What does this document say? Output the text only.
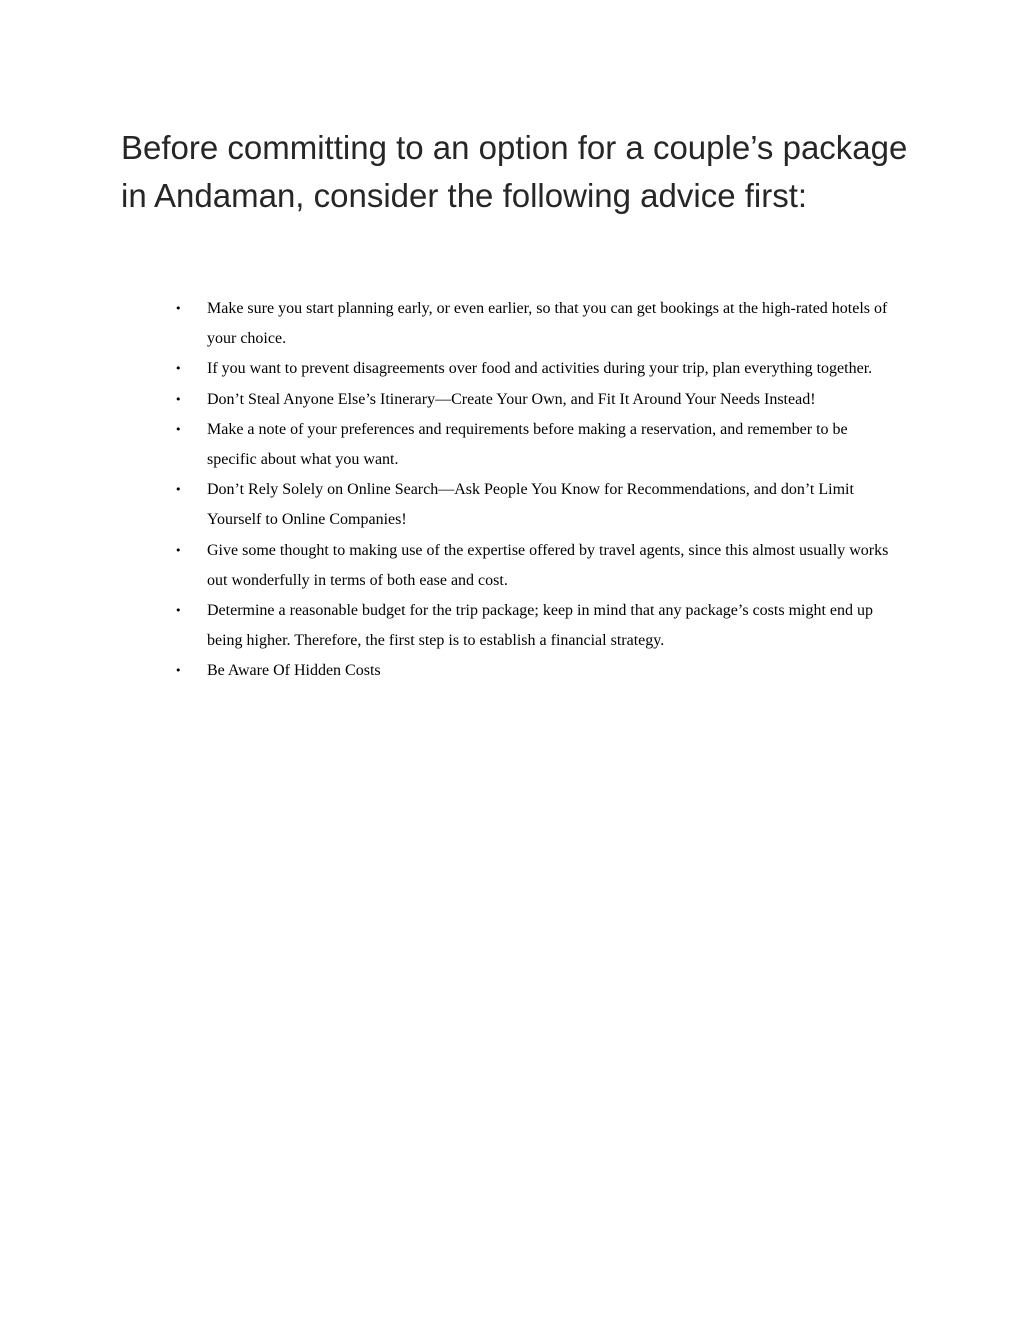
Before committing to an option for a couple’s package in Andaman, consider the following advice first:
• Make sure you start planning early, or even earlier, so that you can get bookings at the high-rated hotels of your choice.
• If you want to prevent disagreements over food and activities during your trip, plan everything together.
• Don’t Steal Anyone Else’s Itinerary—Create Your Own, and Fit It Around Your Needs Instead!
• Make a note of your preferences and requirements before making a reservation, and remember to be specific about what you want.
• Don’t Rely Solely on Online Search—Ask People You Know for Recommendations, and don’t Limit Yourself to Online Companies!
• Give some thought to making use of the expertise offered by travel agents, since this almost usually works out wonderfully in terms of both ease and cost.
• Determine a reasonable budget for the trip package; keep in mind that any package’s costs might end up being higher. Therefore, the first step is to establish a financial strategy.
• Be Aware Of Hidden Costs
